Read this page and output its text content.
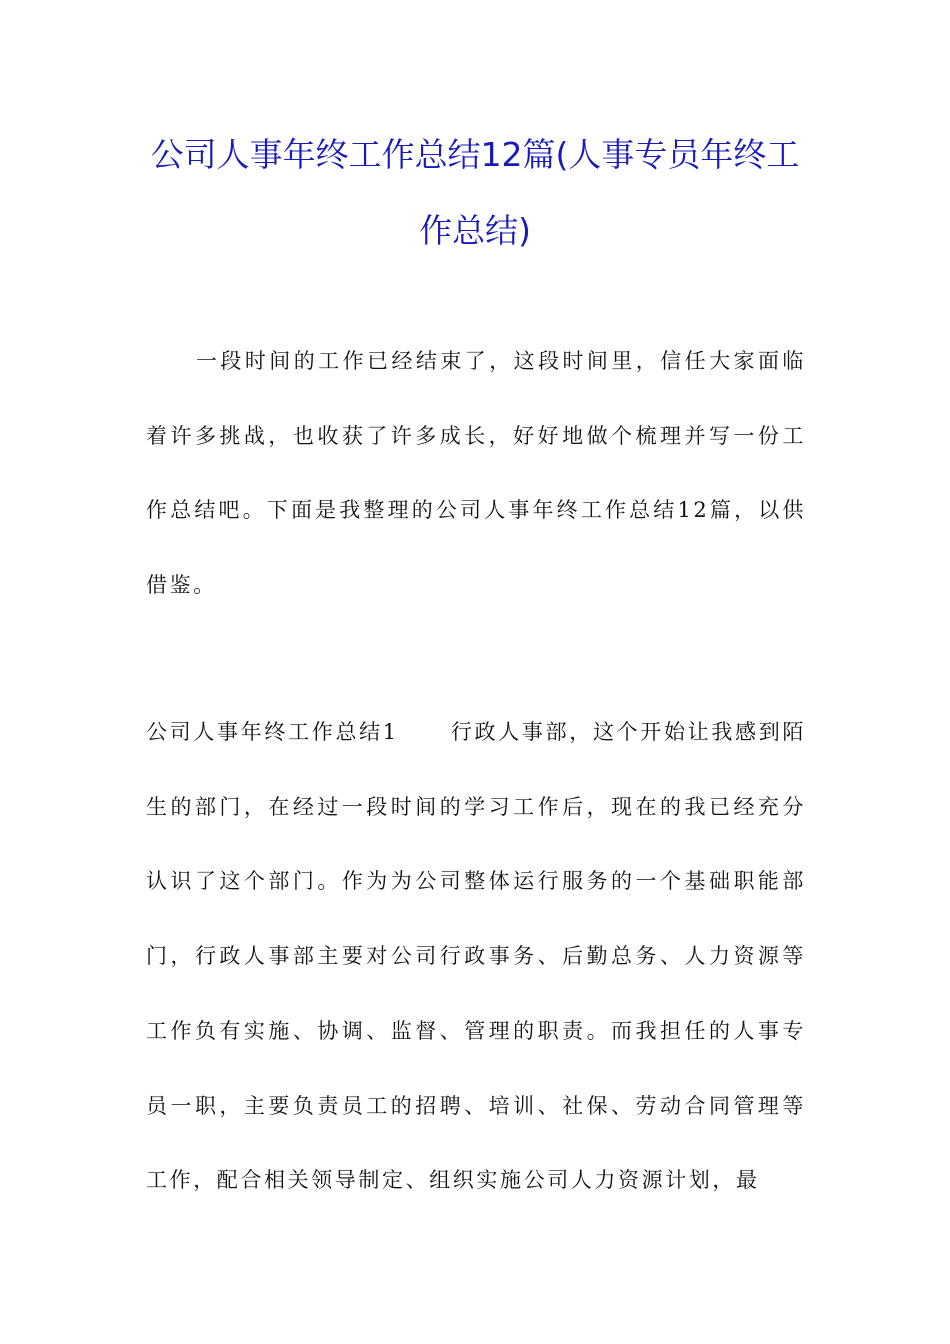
公司人事年终工作总结12篇(人事专员年终工作总结)

一段时间的工作已经结束了，这段时间里，信任大家面临着许多挑战，也收获了许多成长，好好地做个梳理并写一份工作总结吧。下面是我整理的公司人事年终工作总结12篇，以供借鉴。

公司人事年终工作总结1 行政人事部，这个开始让我感到陌生的部门，在经过一段时间的学习工作后，现在的我已经充分认识了这个部门。作为为公司整体运行服务的一个基础职能部门，行政人事部主要对公司行政事务、后勤总务、人力资源等工作负有实施、协调、监督、管理的职责。而我担任的人事专员一职，主要负责员工的招聘、培训、社保、劳动合同管理等工作，配合相关领导制定、组织实施公司人力资源计划，最
